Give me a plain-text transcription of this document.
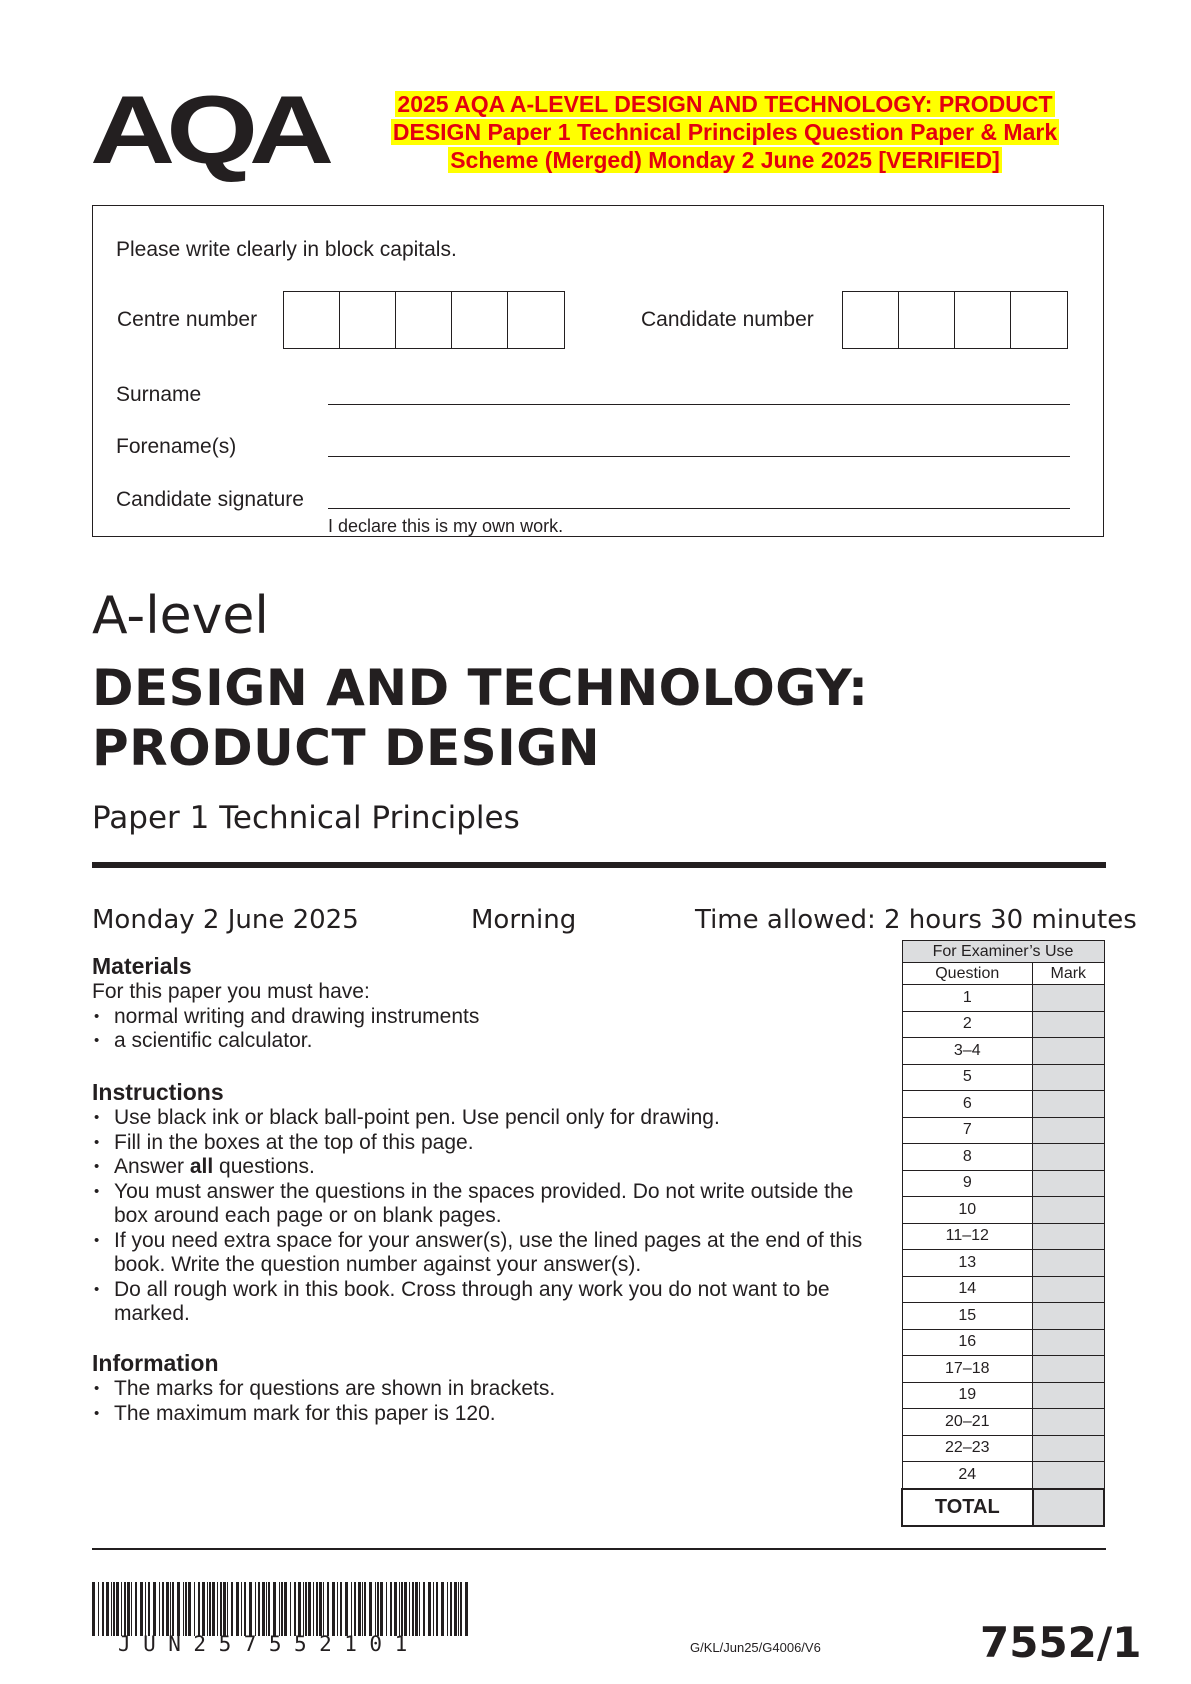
AQA	2025 AQA A-LEVEL DESIGN AND TECHNOLOGY: PRODUCT
DESIGN Paper 1 Technical Principles Question Paper & Mark
Scheme (Merged) Monday 2 June 2025 [VERIFIED]
Please write clearly in block capitals.
Centre number	Candidate number
Surname
Forename(s)
Candidate signature
I declare this is my own work.
A-level
DESIGN AND TECHNOLOGY:
PRODUCT DESIGN
Paper 1 Technical Principles
Monday 2 June 2025	Morning	Time allowed: 2 hours 30 minutes
Materials
For this paper you must have:
• normal writing and drawing instruments
• a scientific calculator.
Instructions
• Use black ink or black ball-point pen. Use pencil only for drawing.
• Fill in the boxes at the top of this page.
• Answer all questions.
• You must answer the questions in the spaces provided. Do not write outside the box around each page or on blank pages.
• If you need extra space for your answer(s), use the lined pages at the end of this book. Write the question number against your answer(s).
• Do all rough work in this book. Cross through any work you do not want to be marked.
Information
• The marks for questions are shown in brackets.
• The maximum mark for this paper is 120.
For Examiner’s Use	
Question	Mark
1	
2	
3–4	
5	
6	
7	
8	
9	
10	
11–12	
13	
14	
15	
16	
17–18	
19	
20–21	
22–23	
24	
TOTAL	
JUN257552101	G/KL/Jun25/G4006/V6	7552/1
